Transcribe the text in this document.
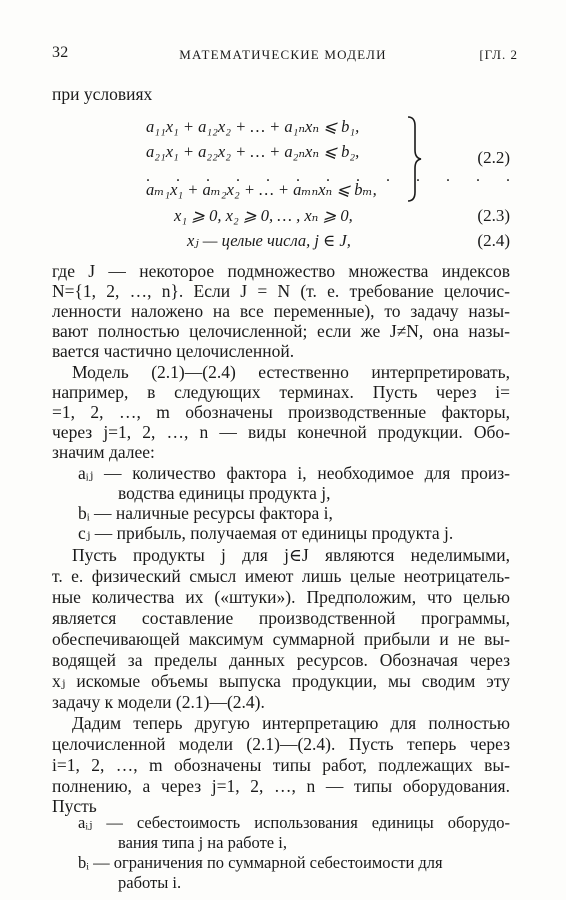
32	МАТЕМАТИЧЕСКИЕ МОДЕЛИ	[ГЛ. 2
при условиях
a₁₁x₁ + a₁₂x₂ + … + a₁ₙxₙ ⩽ b₁,
a₂₁x₁ + a₂₂x₂ + … + a₂ₙxₙ ⩽ b₂,
. . . . . . . . . . . . .
aₘ₁x₁ + aₘ₂x₂ + … + aₘₙxₙ ⩽ bₘ,
(2.2)
x₁ ⩾ 0, x₂ ⩾ 0, … , xₙ ⩾ 0,	(2.3)
xⱼ — целые числа, j ∈ J,	(2.4)
где J — некоторое подмножество множества индексов
N={1, 2, …, n}. Если J = N (т. е. требование целочис-
ленности наложено на все переменные), то задачу назы-
вают полностью целочисленной; если же J≠N, она назы-
вается частично целочисленной.
Модель (2.1)—(2.4) естественно интерпретировать,
например, в следующих терминах. Пусть через i=
=1, 2, …, m обозначены производственные факторы,
через j=1, 2, …, n — виды конечной продукции. Обо-
значим далее:
aᵢⱼ — количество фактора i, необходимое для произ-
водства единицы продукта j,
bᵢ — наличные ресурсы фактора i,
cⱼ — прибыль, получаемая от единицы продукта j.
Пусть продукты j для j∈J являются неделимыми,
т. е. физический смысл имеют лишь целые неотрицатель-
ные количества их («штуки»). Предположим, что целью
является составление производственной программы,
обеспечивающей максимум суммарной прибыли и не вы-
водящей за пределы данных ресурсов. Обозначая через
xⱼ искомые объемы выпуска продукции, мы сводим эту
задачу к модели (2.1)—(2.4).
Дадим теперь другую интерпретацию для полностью
целочисленной модели (2.1)—(2.4). Пусть теперь через
i=1, 2, …, m обозначены типы работ, подлежащих вы-
полнению, а через j=1, 2, …, n — типы оборудования.
Пусть
aᵢⱼ — себестоимость использования единицы оборудо-
вания типа j на работе i,
bᵢ — ограничения по суммарной себестоимости для
работы i.
